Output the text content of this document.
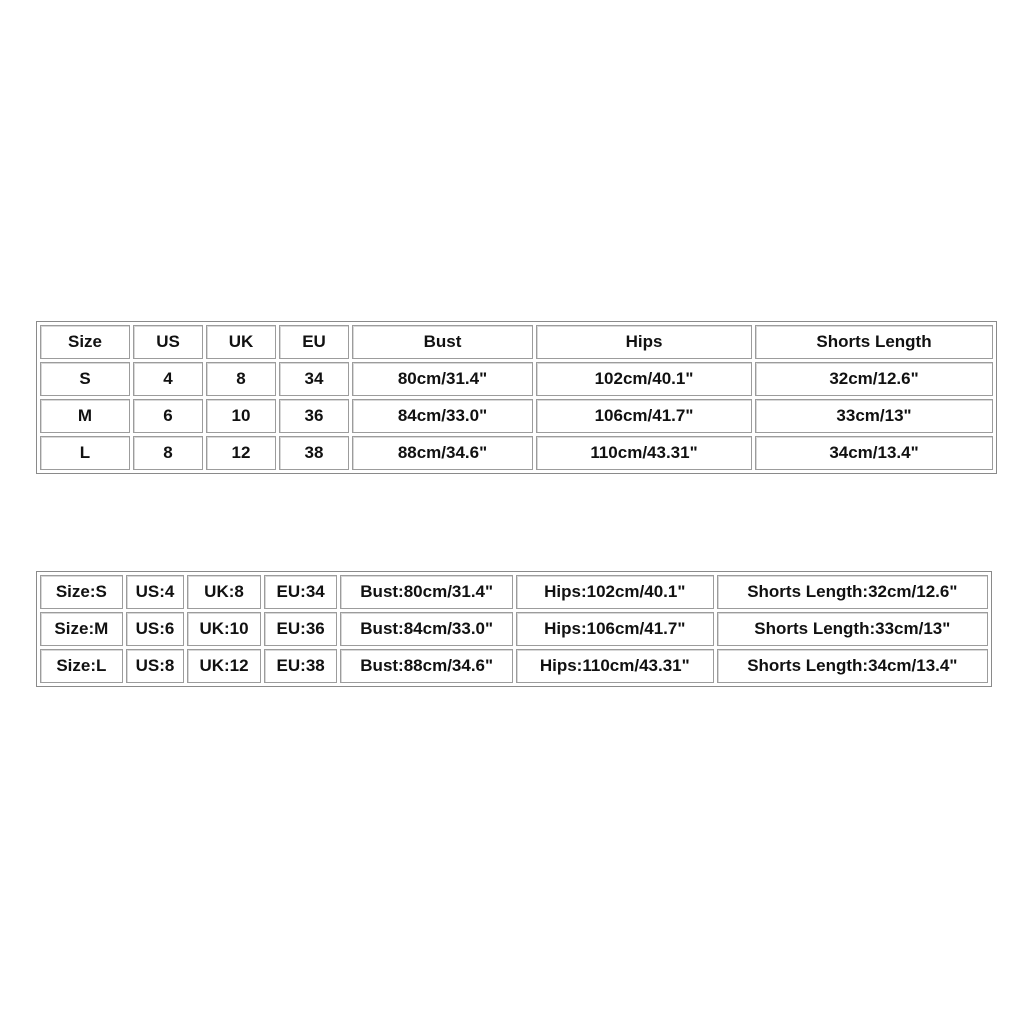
Size	US	UK	EU	Bust	Hips	Shorts Length
S	4	8	34	80cm/31.4"	102cm/40.1"	32cm/12.6"
M	6	10	36	84cm/33.0"	106cm/41.7"	33cm/13"
L	8	12	38	88cm/34.6"	110cm/43.31"	34cm/13.4"
Size:S	US:4	UK:8	EU:34	Bust:80cm/31.4"	Hips:102cm/40.1"	Shorts Length:32cm/12.6"
Size:M	US:6	UK:10	EU:36	Bust:84cm/33.0"	Hips:106cm/41.7"	Shorts Length:33cm/13"
Size:L	US:8	UK:12	EU:38	Bust:88cm/34.6"	Hips:110cm/43.31"	Shorts Length:34cm/13.4"
